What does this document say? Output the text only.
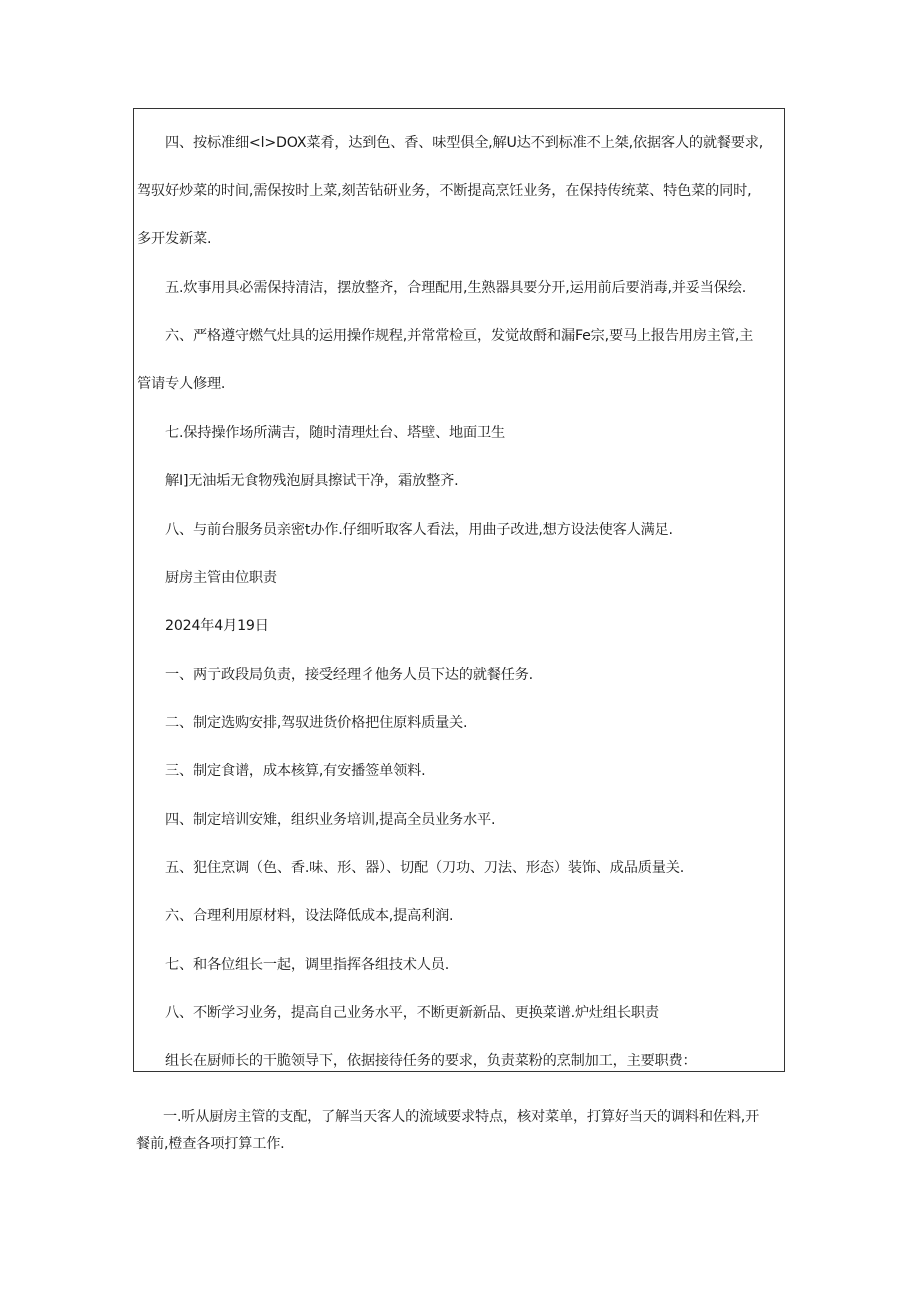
四、按标准细<l>DOX菜肴，达到色、香、味型俱全,解U达不到标准不上桀,依据客人的就餐要求,
驾驭好炒菜的时间,需保按时上菜,刻苦钻研业务，不断提高烹饪业务，在保持传统菜、特色菜的同时,
多开发新菜.
五.炊事用具必需保持清洁，摆放整齐，合理配用,生熟器具要分开,运用前后要消毒,并妥当保绘.
六、严格遵守燃气灶具的运用操作规程,并常常检亘，发觉故酹和漏Fe宗,要马上报告用房主管,主
管请专人修理.
七.保持操作场所满吉，随时清理灶台、塔壁、地面卫生
解I]无油垢无食物残泡厨具擦试干净，霜放整齐.
八、与前台服务员亲密t办作.仔细听取客人看法，用曲子改进,想方设法使客人满足.
厨房主管由位职责
2024年4月19日
一、两亍政段局负责，接受经理彳他务人员下达的就餐任务.
二、制定选购安排,驾驭进货价格把住原料质量关.
三、制定食谱，成本核算,有安播签单领料.
四、制定培训安雉，组织业务培训,提高全员业务水平.
五、犯住烹调（色、香.味、形、器）、切配（刀功、刀法、形态）装饰、成品质量关.
六、合理利用原材料，设法降低成本,提高利润.
七、和各位组长一起，调里指挥各组技术人员.
八、不断学习业务，提高自己业务水平，不断更新新品、更换菜谱.炉灶组长职责
组长在厨师长的干脆领导下，依据接待任务的要求，负责菜粉的烹制加工，主要职费：
一.听从厨房主管的支配，了解当天客人的流域要求特点，核对菜单，打算好当天的调料和佐料,开
餐前,橙查各项打算工作.
